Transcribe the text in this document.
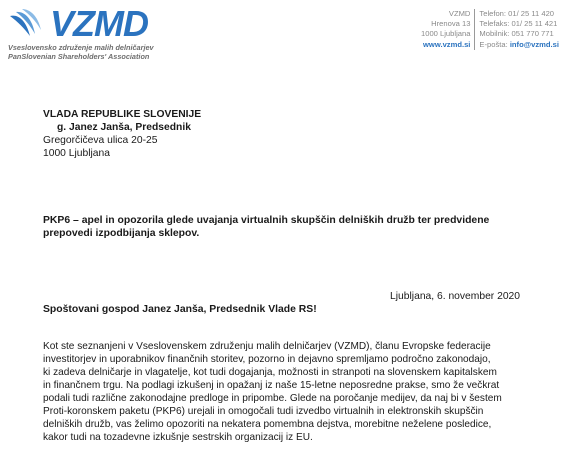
VZMD
Vseslovensko združenje malih delničarjev
PanSlovenian Shareholders' Association
VZMD
Hrenova 13
1000 Ljubljana
www.vzmd.si
Telefon: 01/ 25 11 420
Telefaks: 01/ 25 11 421
Mobilnik: 051 770 771
E-pošta: info@vzmd.si
VLADA REPUBLIKE SLOVENIJE
g. Janez Janša, Predsednik
Gregorčičeva ulica 20-25
1000 Ljubljana
PKP6 – apel in opozorila glede uvajanja virtualnih skupščin delniških družb ter predvidene
prepovedi izpodbijanja sklepov.
Ljubljana, 6. november 2020
Spoštovani gospod Janez Janša, Predsednik Vlade RS!
Kot ste seznanjeni v Vseslovenskem združenju malih delničarjev (VZMD), članu Evropske federacije
investitorjev in uporabnikov finančnih storitev, pozorno in dejavno spremljamo področno zakonodajo,
ki zadeva delničarje in vlagatelje, kot tudi dogajanja, možnosti in stranpoti na slovenskem kapitalskem
in finančnem trgu. Na podlagi izkušenj in opažanj iz naše 15-letne neposredne prakse, smo že večkrat
podali tudi različne zakonodajne predloge in pripombe. Glede na poročanje medijev, da naj bi v šestem
Proti-koronskem paketu (PKP6) urejali in omogočali tudi izvedbo virtualnih in elektronskih skupščin
delniških družb, vas želimo opozoriti na nekatera pomembna dejstva, morebitne neželene posledice,
kakor tudi na tozadevne izkušnje sestrskih organizacij iz EU.
